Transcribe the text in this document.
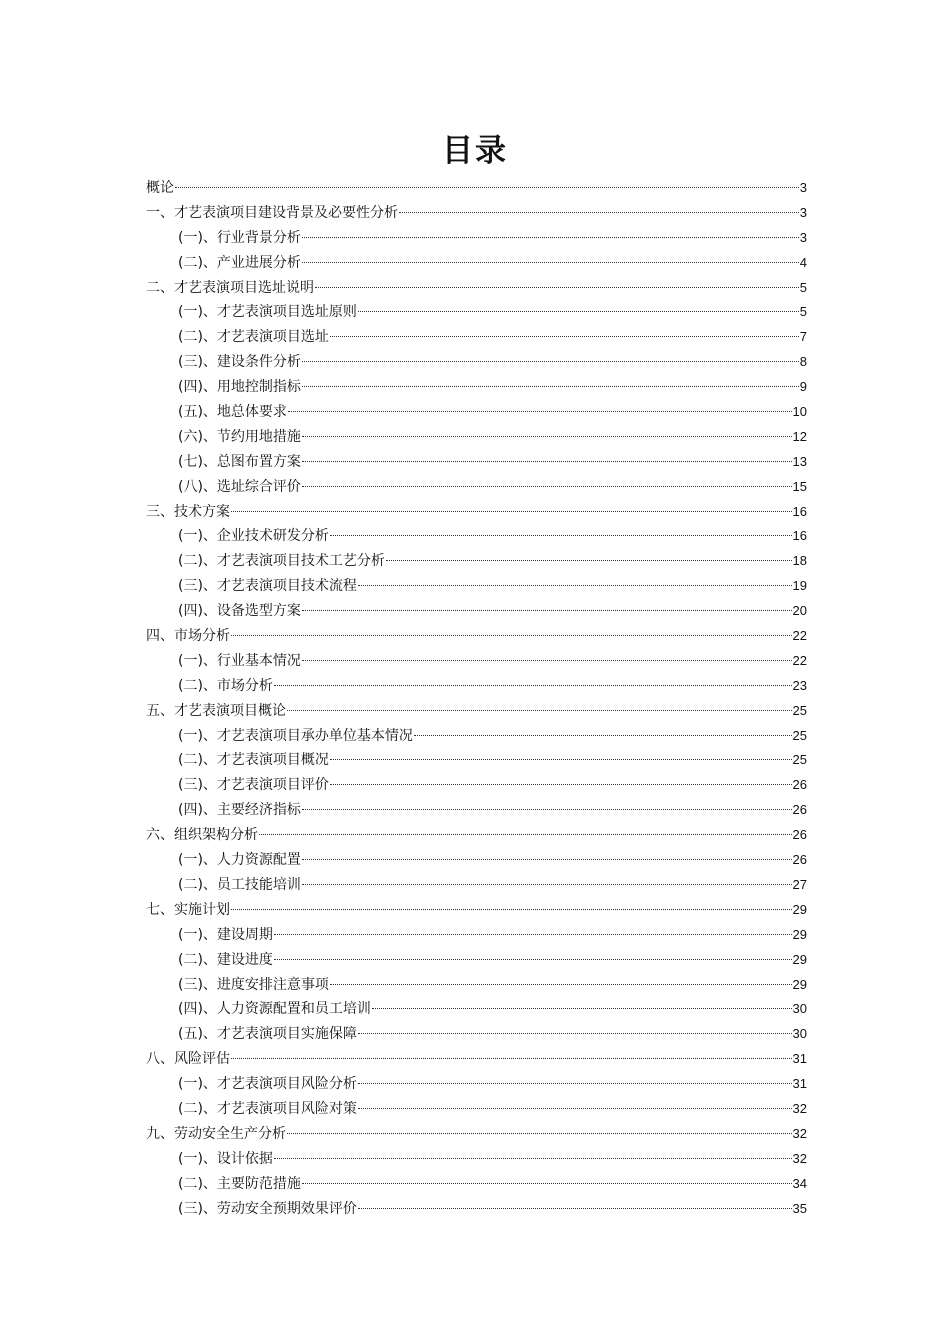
目录
概论	3
一、才艺表演项目建设背景及必要性分析	3
(一)、行业背景分析	3
(二)、产业进展分析	4
二、才艺表演项目选址说明	5
(一)、才艺表演项目选址原则	5
(二)、才艺表演项目选址	7
(三)、建设条件分析	8
(四)、用地控制指标	9
(五)、地总体要求	10
(六)、节约用地措施	12
(七)、总图布置方案	13
(八)、选址综合评价	15
三、技术方案	16
(一)、企业技术研发分析	16
(二)、才艺表演项目技术工艺分析	18
(三)、才艺表演项目技术流程	19
(四)、设备选型方案	20
四、市场分析	22
(一)、行业基本情况	22
(二)、市场分析	23
五、才艺表演项目概论	25
(一)、才艺表演项目承办单位基本情况	25
(二)、才艺表演项目概况	25
(三)、才艺表演项目评价	26
(四)、主要经济指标	26
六、组织架构分析	26
(一)、人力资源配置	26
(二)、员工技能培训	27
七、实施计划	29
(一)、建设周期	29
(二)、建设进度	29
(三)、进度安排注意事项	29
(四)、人力资源配置和员工培训	30
(五)、才艺表演项目实施保障	30
八、风险评估	31
(一)、才艺表演项目风险分析	31
(二)、才艺表演项目风险对策	32
九、劳动安全生产分析	32
(一)、设计依据	32
(二)、主要防范措施	34
(三)、劳动安全预期效果评价	35
